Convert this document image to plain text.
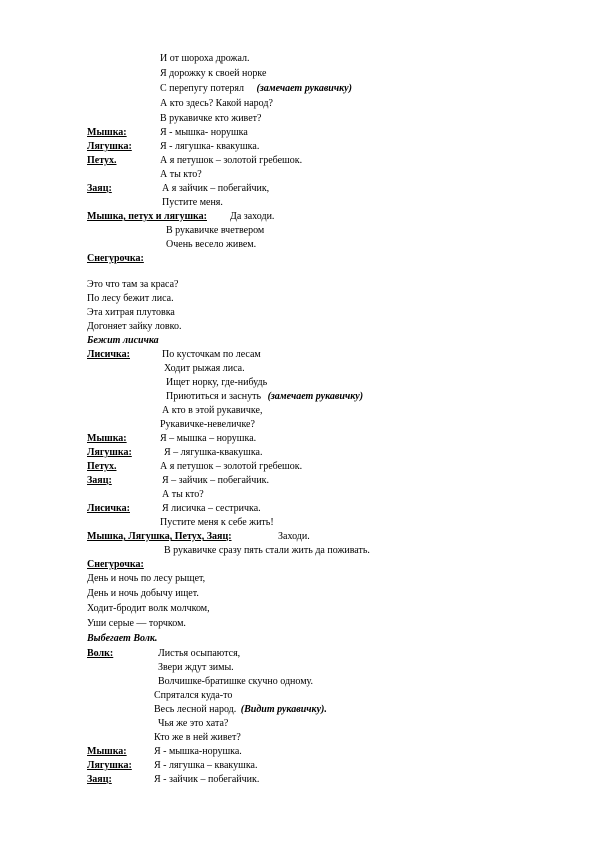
И от шороха дрожал.
Я дорожку к своей норке
С перепугу потерял (замечает рукавичку)
А кто здесь? Какой народ?
В рукавичке кто живет?
Мышка:	Я - мышка- норушка
Лягушка:	Я - лягушка- квакушка.
Петух.	А я петушок – золотой гребешок.
А ты кто?
Заяц:	А я зайчик – побегайчик,
Пустите меня.
Мышка, петух и лягушка: Да заходи.
В рукавичке вчетвером
Очень весело живем.
Снегурочка:
Это что там за краса?
По лесу бежит лиса.
Эта хитрая плутовка
Догоняет зайку ловко.
Бежит лисичка
Лисичка:	По кусточкам по лесам
Ходит рыжая лиса.
Ищет норку, где-нибудь
Приютиться и заснуть (замечает рукавичку)
А кто в этой рукавичке,
Рукавичке-невеличке?
Мышка:	Я – мышка – норушка.
Лягушка:	Я – лягушка-квакушка.
Петух.	А я петушок – золотой гребешок.
Заяц:	Я – зайчик – побегайчик.
А ты кто?
Лисичка:	Я лисичка – сестричка.
Пустите меня к себе жить!
Мышка, Лягушка, Петух, Заяц:	Заходи.
В рукавичке сразу пять стали жить да поживать.
Снегурочка:
День и ночь по лесу рыщет,
День и ночь добычу ищет.
Ходит-бродит волк молчком,
Уши серые — торчком.
Выбегает Волк.
Волк:	Листья осыпаются,
Звери ждут зимы.
Волчишке-братишке скучно одному.
Спрятался куда-то
Весь лесной народ. (Видит рукавичку).
Чья же это хата?
Кто же в ней живет?
Мышка:	Я - мышка-норушка.
Лягушка: Я - лягушка – квакушка.
Заяц:	Я - зайчик – побегайчик.
